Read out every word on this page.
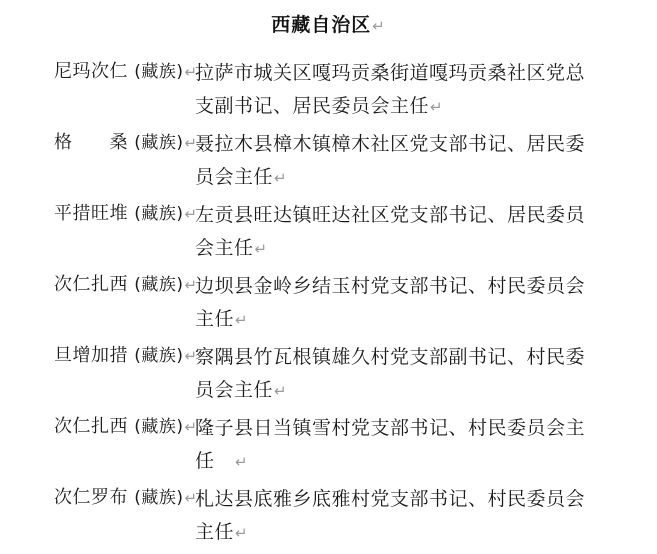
西藏自治区↵
尼玛次仁 (藏族)↵
拉萨市城关区嘎玛贡桑街道嘎玛贡桑社区党总
支副书记、居民委员会主任↵
格　　桑 (藏族)↵
聂拉木县樟木镇樟木社区党支部书记、居民委
员会主任↵
平措旺堆 (藏族)↵
左贡县旺达镇旺达社区党支部书记、居民委员
会主任↵
次仁扎西 (藏族)↵
边坝县金岭乡结玉村党支部书记、村民委员会
主任↵
旦增加措 (藏族)↵
察隅县竹瓦根镇雄久村党支部副书记、村民委
员会主任↵
次仁扎西 (藏族)↵
隆子县日当镇雪村党支部书记、村民委员会主
任　↵
次仁罗布 (藏族)↵
札达县底雅乡底雅村党支部书记、村民委员会
主任↵
